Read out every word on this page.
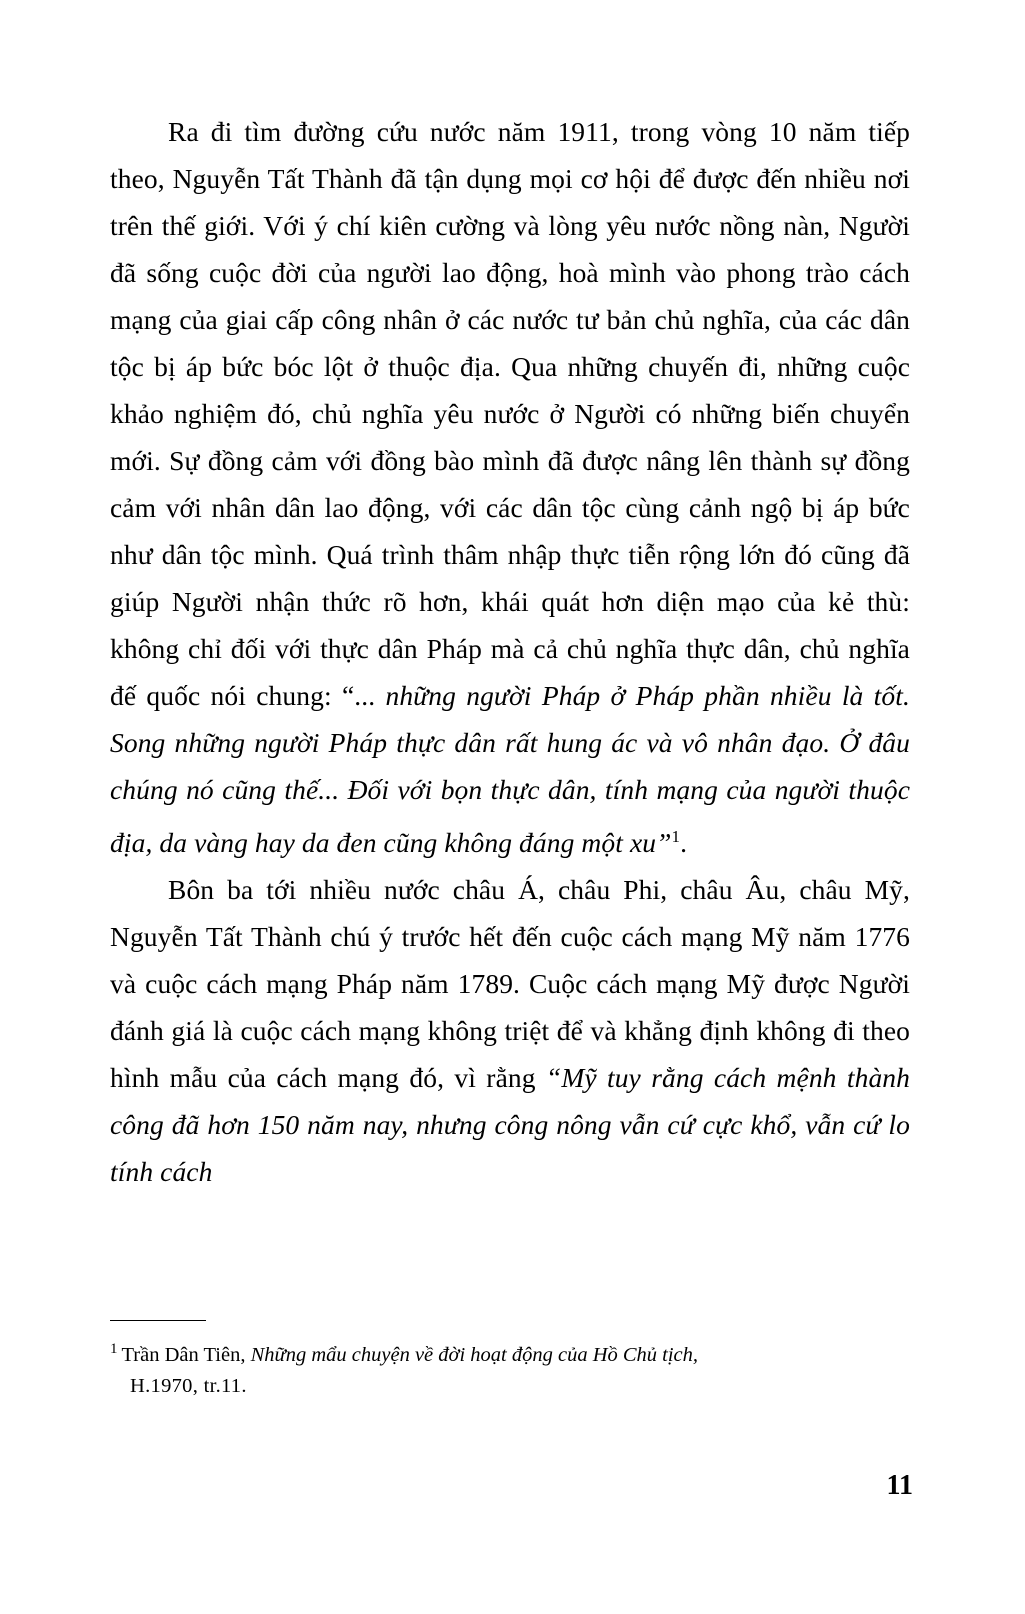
Ra đi tìm đường cứu nước năm 1911, trong vòng 10 năm tiếp theo, Nguyễn Tất Thành đã tận dụng mọi cơ hội để được đến nhiều nơi trên thế giới. Với ý chí kiên cường và lòng yêu nước nồng nàn, Người đã sống cuộc đời của người lao động, hoà mình vào phong trào cách mạng của giai cấp công nhân ở các nước tư bản chủ nghĩa, của các dân tộc bị áp bức bóc lột ở thuộc địa. Qua những chuyến đi, những cuộc khảo nghiệm đó, chủ nghĩa yêu nước ở Người có những biến chuyển mới. Sự đồng cảm với đồng bào mình đã được nâng lên thành sự đồng cảm với nhân dân lao động, với các dân tộc cùng cảnh ngộ bị áp bức như dân tộc mình. Quá trình thâm nhập thực tiễn rộng lớn đó cũng đã giúp Người nhận thức rõ hơn, khái quát hơn diện mạo của kẻ thù: không chỉ đối với thực dân Pháp mà cả chủ nghĩa thực dân, chủ nghĩa đế quốc nói chung: “... những người Pháp ở Pháp phần nhiều là tốt. Song những người Pháp thực dân rất hung ác và vô nhân đạo. Ở đâu chúng nó cũng thế... Đối với bọn thực dân, tính mạng của người thuộc địa, da vàng hay da đen cũng không đáng một xu”$^1$.

Bôn ba tới nhiều nước châu Á, châu Phi, châu Âu, châu Mỹ, Nguyễn Tất Thành chú ý trước hết đến cuộc cách mạng Mỹ năm 1776 và cuộc cách mạng Pháp năm 1789. Cuộc cách mạng Mỹ được Người đánh giá là cuộc cách mạng không triệt để và khẳng định không đi theo hình mẫu của cách mạng đó, vì rằng “Mỹ tuy rằng cách mệnh thành công đã hơn 150 năm nay, nhưng công nông vẫn cứ cực khổ, vẫn cứ lo tính cách

$^1$ Trần Dân Tiên, Những mẩu chuyện về đời hoạt động của Hồ Chủ tịch,
H.1970, tr.11.

11
